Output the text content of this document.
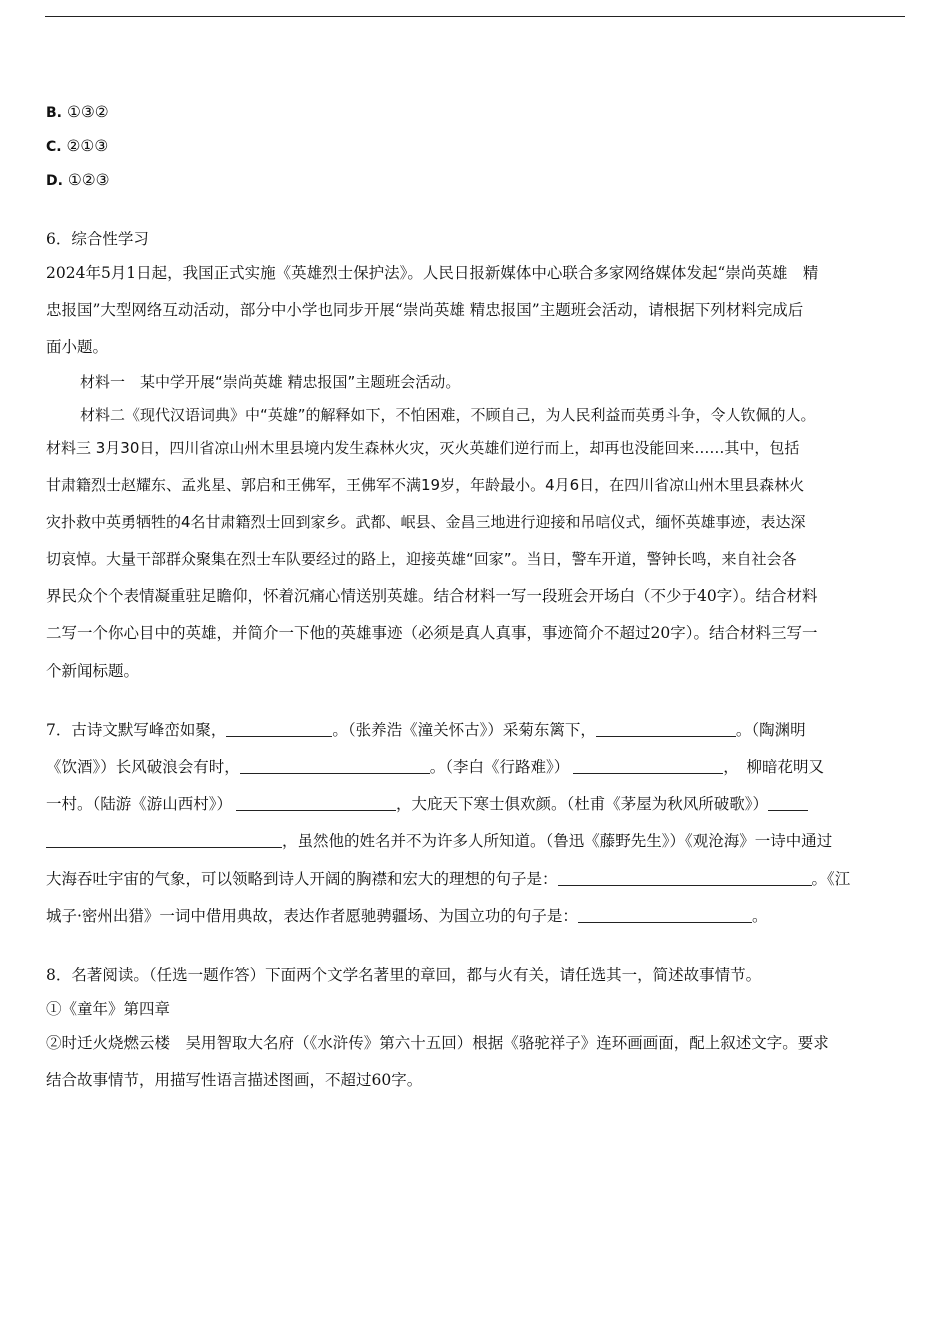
B. ①③②
C. ②①③
D. ①②③
6．综合性学习
2024年5月1日起，我国正式实施《英雄烈士保护法》。人民日报新媒体中心联合多家网络媒体发起“崇尚英雄　精
忠报国”大型网络互动活动，部分中小学也同步开展“崇尚英雄 精忠报国”主题班会活动，请根据下列材料完成后
面小题。
材料一　某中学开展“崇尚英雄 精忠报国”主题班会活动。
材料二《现代汉语词典》中“英雄”的解释如下，不怕困难，不顾自己，为人民利益而英勇斗争，令人钦佩的人。
材料三 3月30日，四川省凉山州木里县境内发生森林火灾，灭火英雄们逆行而上，却再也没能回来……其中，包括
甘肃籍烈士赵耀东、孟兆星、郭启和王佛军，王佛军不满19岁，年龄最小。4月6日，在四川省凉山州木里县森林火
灾扑救中英勇牺牲的4名甘肃籍烈士回到家乡。武都、岷县、金昌三地进行迎接和吊唁仪式，缅怀英雄事迹，表达深
切哀悼。大量干部群众聚集在烈士车队要经过的路上，迎接英雄“回家”。当日，警车开道，警钟长鸣，来自社会各
界民众个个表情凝重驻足瞻仰，怀着沉痛心情送别英雄。结合材料一写一段班会开场白（不少于40字）。结合材料
二写一个你心目中的英雄，并简介一下他的英雄事迹（必须是真人真事，事迹简介不超过20字）。结合材料三写一
个新闻标题。
7．古诗文默写峰峦如聚，	。（张养浩《潼关怀古》）采菊东篱下，	。（陶渊明
《饮酒》）长风破浪会有时，	。（李白《行路难》）	，　柳暗花明又
一村。（陆游《游山西村》）	，大庇天下寒士俱欢颜。（杜甫《茅屋为秋风所破歌》）
，虽然他的姓名并不为许多人所知道。（鲁迅《藤野先生》）《观沧海》一诗中通过
大海吞吐宇宙的气象，可以领略到诗人开阔的胸襟和宏大的理想的句子是：	。《江
城子·密州出猎》一词中借用典故，表达作者愿驰骋疆场、为国立功的句子是：	。
8．名著阅读。（任选一题作答）下面两个文学名著里的章回，都与火有关，请任选其一，简述故事情节。
①《童年》第四章
②时迁火烧燃云楼　吴用智取大名府（《水浒传》第六十五回）根据《骆驼祥子》连环画画面，配上叙述文字。要求
结合故事情节，用描写性语言描述图画，不超过60字。
